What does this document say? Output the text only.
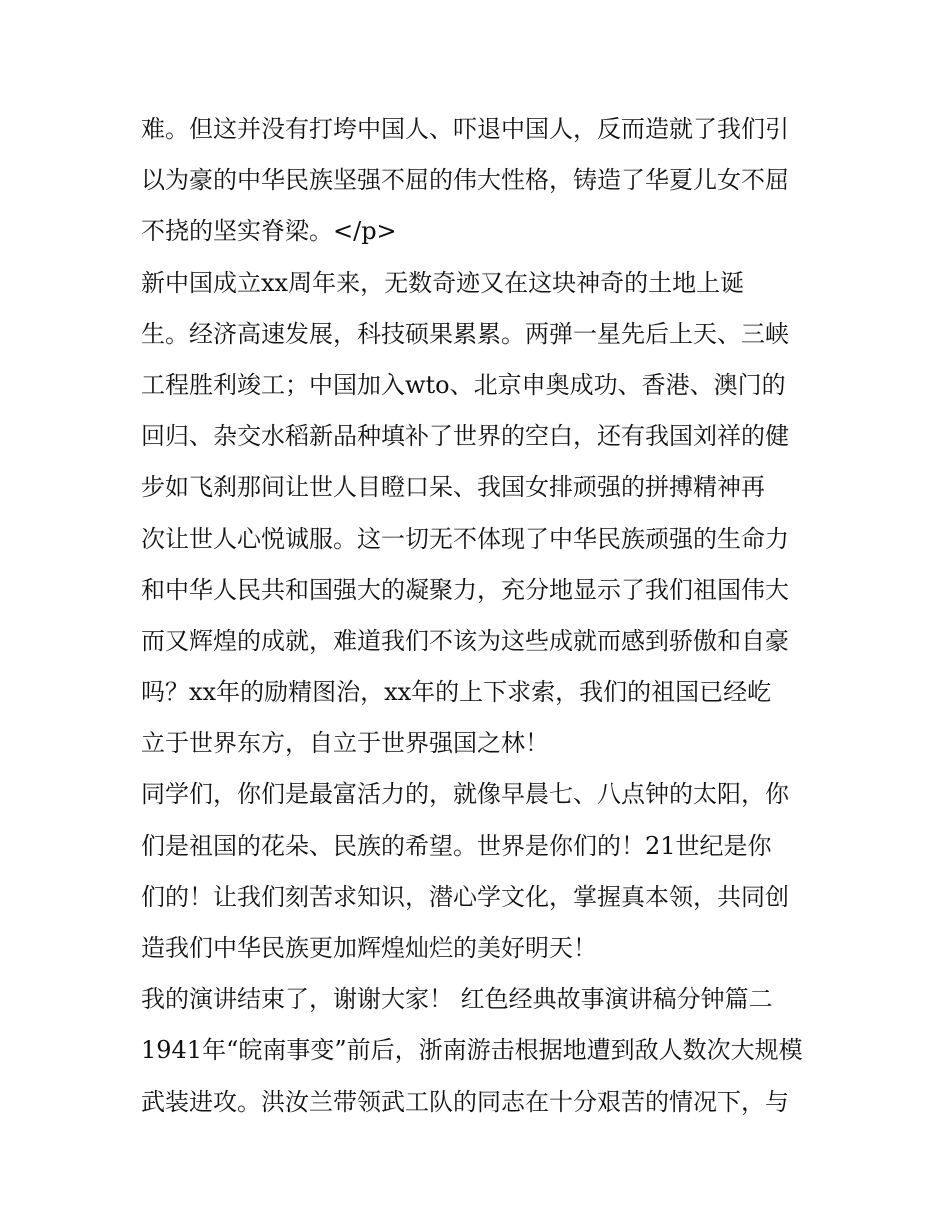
难。但这并没有打垮中国人、吓退中国人，反而造就了我们引
以为豪的中华民族坚强不屈的伟大性格，铸造了华夏儿女不屈
不挠的坚实脊梁。</p>
新中国成立xx周年来，无数奇迹又在这块神奇的土地上诞
生。经济高速发展，科技硕果累累。两弹一星先后上天、三峡
工程胜利竣工；中国加入wto、北京申奥成功、香港、澳门的
回归、杂交水稻新品种填补了世界的空白，还有我国刘祥的健
步如飞刹那间让世人目瞪口呆、我国女排顽强的拼搏精神再
次让世人心悦诚服。这一切无不体现了中华民族顽强的生命力
和中华人民共和国强大的凝聚力，充分地显示了我们祖国伟大
而又辉煌的成就，难道我们不该为这些成就而感到骄傲和自豪
吗？xx年的励精图治，xx年的上下求索，我们的祖国已经屹
立于世界东方，自立于世界强国之林！
同学们，你们是最富活力的，就像早晨七、八点钟的太阳，你
们是祖国的花朵、民族的希望。世界是你们的！21世纪是你
们的！让我们刻苦求知识，潜心学文化，掌握真本领，共同创
造我们中华民族更加辉煌灿烂的美好明天！
我的演讲结束了，谢谢大家！ 红色经典故事演讲稿分钟篇二
1941年“皖南事变”前后，浙南游击根据地遭到敌人数次大规模
武装进攻。洪汝兰带领武工队的同志在十分艰苦的情况下，与
